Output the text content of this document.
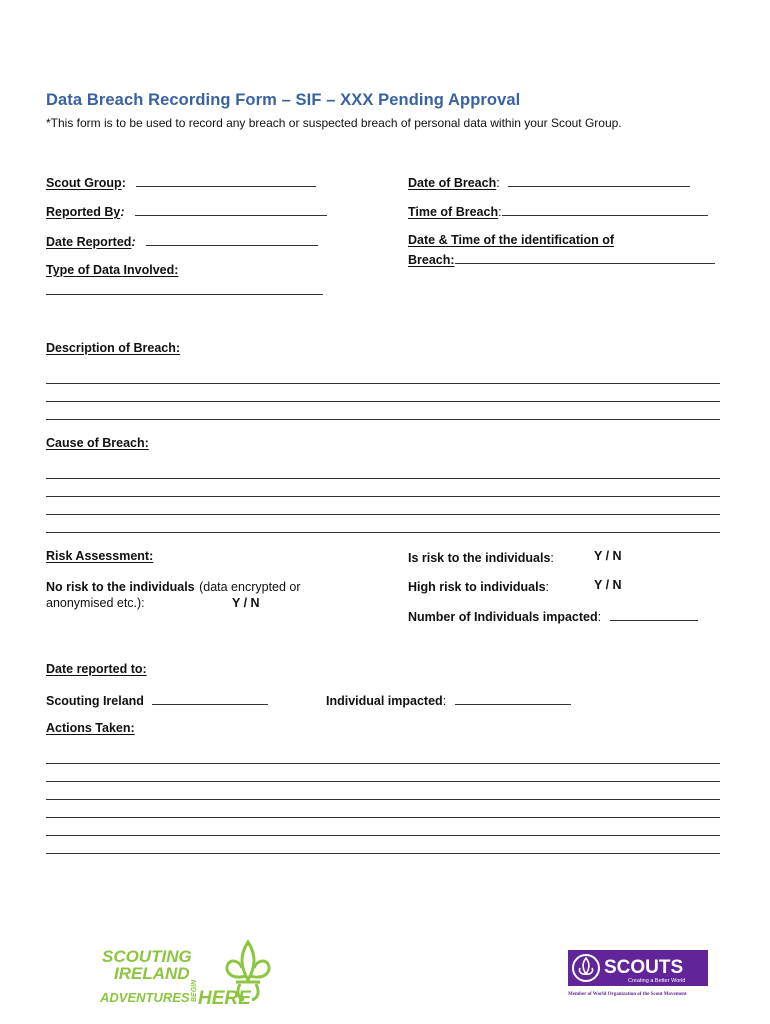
Data Breach Recording Form – SIF – XXX Pending Approval
*This form is to be used to record any breach or suspected breach of personal data within your Scout Group.
Scout Group:	Date of Breach:
Reported By:	Time of Breach:
Date Reported:	Date & Time of the identification of
Breach:
Type of Data Involved:
Description of Breach:
Cause of Breach:
Risk Assessment:
No risk to the individuals (data encrypted or
anonymised etc.):	Y / N
Is risk to the individuals:	Y / N
High risk to individuals:	Y / N
Number of Individuals impacted:
Date reported to:
Scouting Ireland	Individual impacted:
Actions Taken:
SCOUTING
IRELAND
ADVENTURES BEGIN HERE
SCOUTS
Creating a Better World
Member of World Organization of the Scout Movement
